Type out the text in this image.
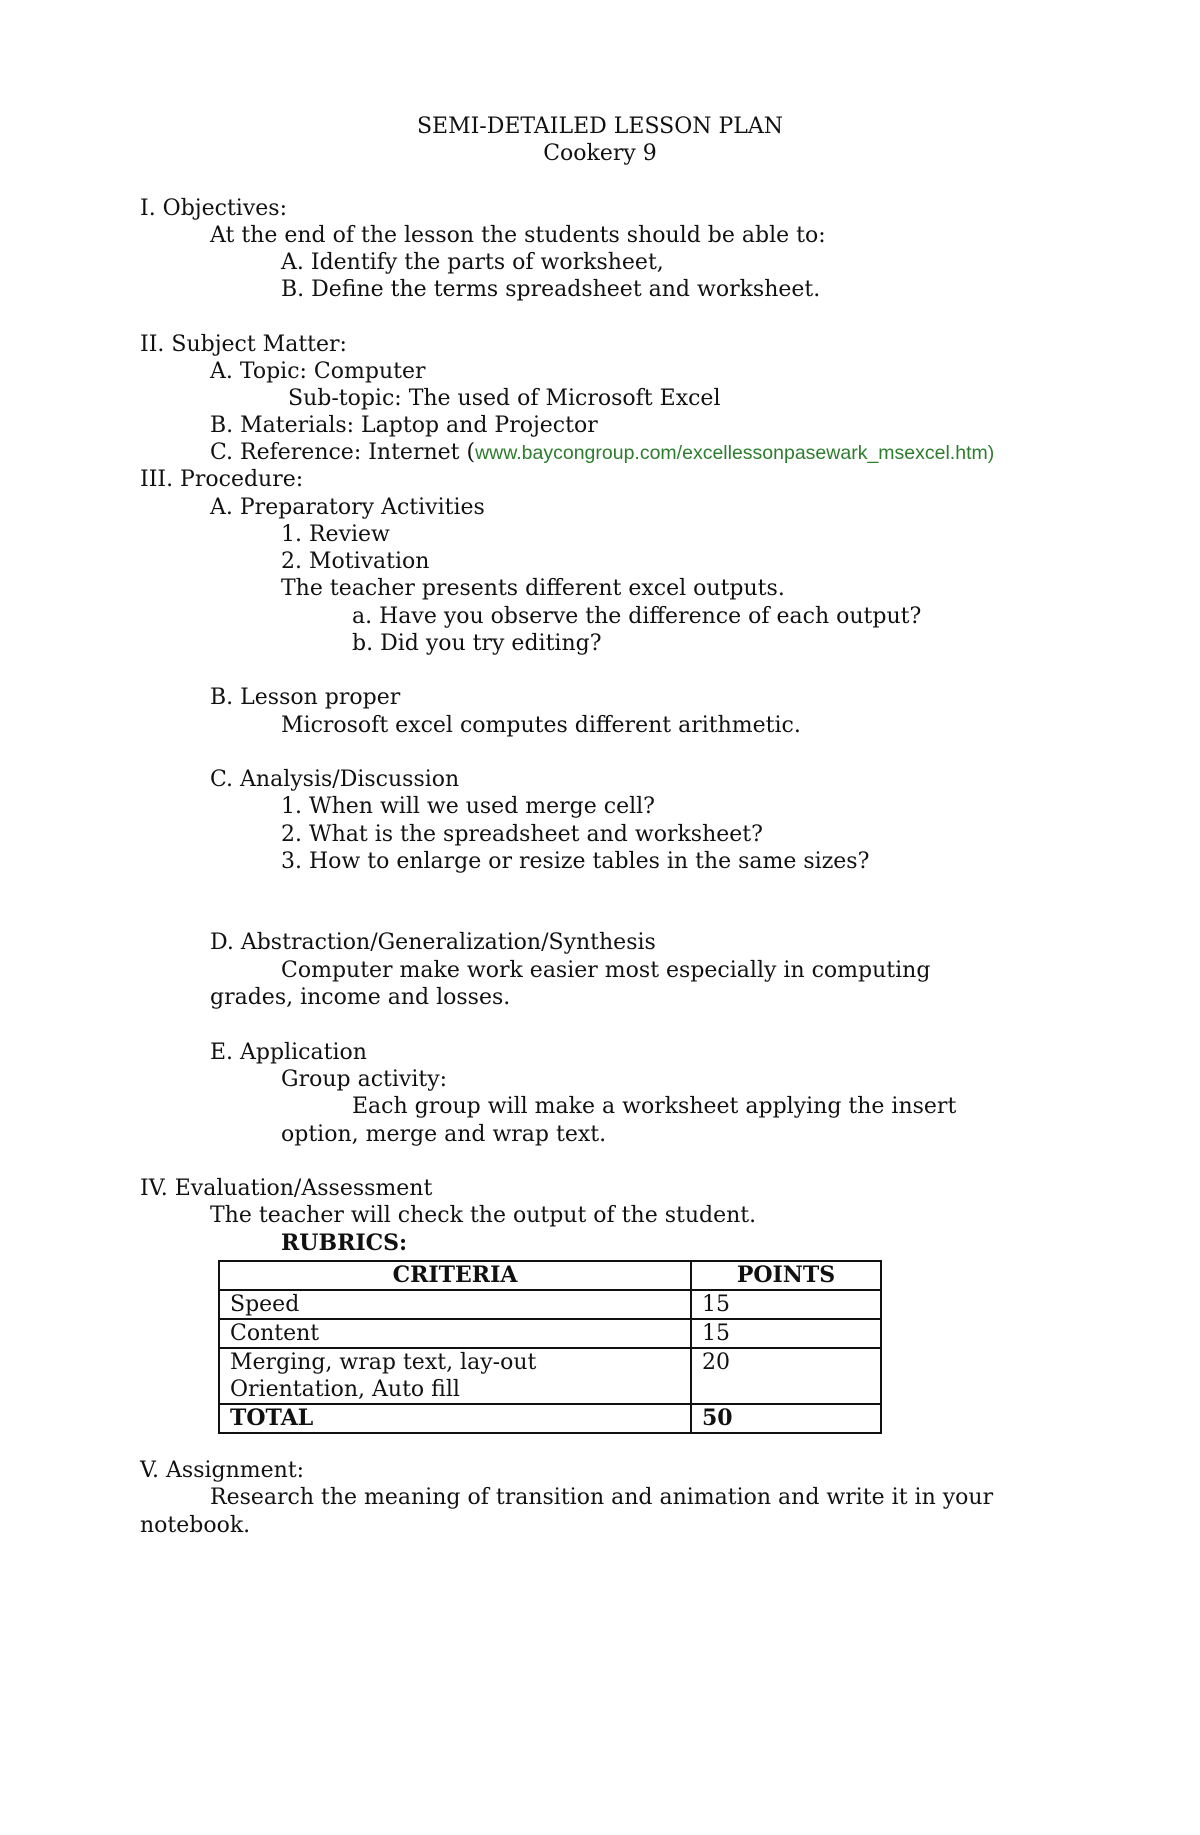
SEMI-DETAILED LESSON PLAN
Cookery 9
I. Objectives:
At the end of the lesson the students should be able to:
A. Identify the parts of worksheet,
B. Define the terms spreadsheet and worksheet.
II. Subject Matter:
A. Topic: Computer
Sub-topic: The used of Microsoft Excel
B. Materials: Laptop and Projector
C. Reference: Internet (www.baycongroup.com/excellessonpasewark_msexcel.htm)
III. Procedure:
A. Preparatory Activities
1. Review
2. Motivation
The teacher presents different excel outputs.
a. Have you observe the difference of each output?
b. Did you try editing?
B. Lesson proper
Microsoft excel computes different arithmetic.
C. Analysis/Discussion
1. When will we used merge cell?
2. What is the spreadsheet and worksheet?
3. How to enlarge or resize tables in the same sizes?
D. Abstraction/Generalization/Synthesis
Computer make work easier most especially in computing
grades, income and losses.
E. Application
Group activity:
Each group will make a worksheet applying the insert
option, merge and wrap text.
IV. Evaluation/Assessment
The teacher will check the output of the student.
RUBRICS:
CRITERIA	POINTS
Speed	15
Content	15

Merging, wrap text, lay-out
Orientation, Auto fill	20
TOTAL	50
V. Assignment:
Research the meaning of transition and animation and write it in your
notebook.
